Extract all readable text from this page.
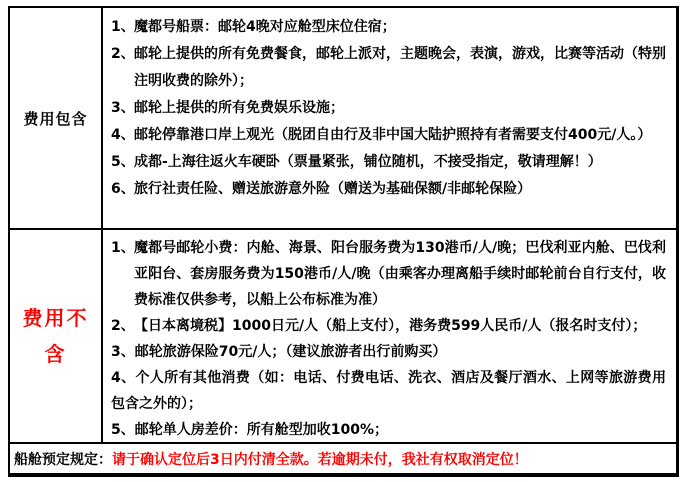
费用包含
1、 魔都号船票：邮轮4晚对应舱型床位住宿；
2、 邮轮上提供的所有免费餐食，邮轮上派对，主题晚会，表演，游戏，比赛等活动（特别注明收费的除外）；
3、 邮轮上提供的所有免费娱乐设施；
4、 邮轮停靠港口岸上观光（脱团自由行及非中国大陆护照持有者需要支付400元/人。）
5、 成都-上海往返火车硬卧（票量紧张，铺位随机，不接受指定，敬请理解！）
6、 旅行社责任险、赠送旅游意外险（赠送为基础保额/非邮轮保险）
费用不含
1、 魔都号邮轮小费：内舱、海景、阳台服务费为130港币/人/晚；巴伐利亚内舱、巴伐利亚阳台、套房服务费为150港币/人/晚（由乘客办理离船手续时邮轮前台自行支付，收费标准仅供参考，以船上公布标准为准）
2、 【日本离境税】1000日元/人（船上支付），港务费599人民币/人（报名时支付）；
3、邮轮旅游保险70元/人；（建议旅游者出行前购买）
4、个人所有其他消费（如：电话、付费电话、洗衣、酒店及餐厅酒水、上网等旅游费用包含之外的）；
5、邮轮单人房差价：所有舱型加收100%；
船舱预定规定： 请于确认定位后3日内付清全款。若逾期未付，我社有权取消定位！
